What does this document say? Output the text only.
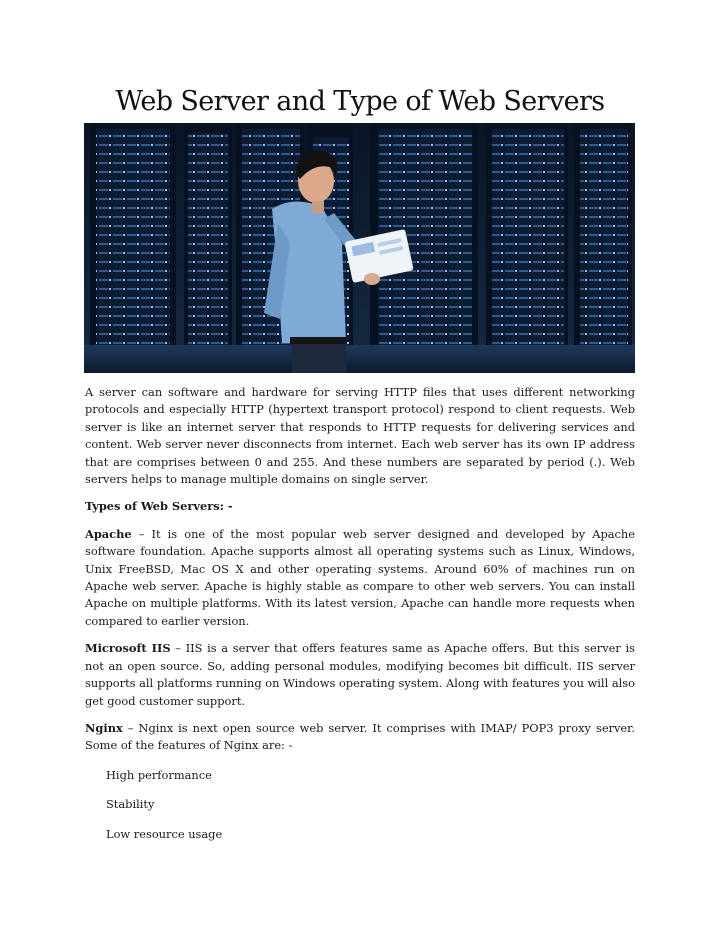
Web Server and Type of Web Servers

A server can software and hardware for serving HTTP files that uses different networking protocols and especially HTTP (hypertext transport protocol) respond to client requests. Web server is like an internet server that responds to HTTP requests for delivering services and content. Web server never disconnects from internet. Each web server has its own IP address that are comprises between 0 and 255. And these numbers are separated by period (.). Web servers helps to manage multiple domains on single server.

Types of Web Servers: -

Apache – It is one of the most popular web server designed and developed by Apache software foundation. Apache supports almost all operating systems such as Linux, Windows, Unix FreeBSD, Mac OS X and other operating systems. Around 60% of machines run on Apache web server. Apache is highly stable as compare to other web servers. You can install Apache on multiple platforms. With its latest version, Apache can handle more requests when compared to earlier version.

Microsoft IIS – IIS is a server that offers features same as Apache offers. But this server is not an open source. So, adding personal modules, modifying becomes bit difficult. IIS server supports all platforms running on Windows operating system. Along with features you will also get good customer support.

Nginx – Nginx is next open source web server. It comprises with IMAP/ POP3 proxy server. Some of the features of Nginx are: -

High performance
Stability
Low resource usage
